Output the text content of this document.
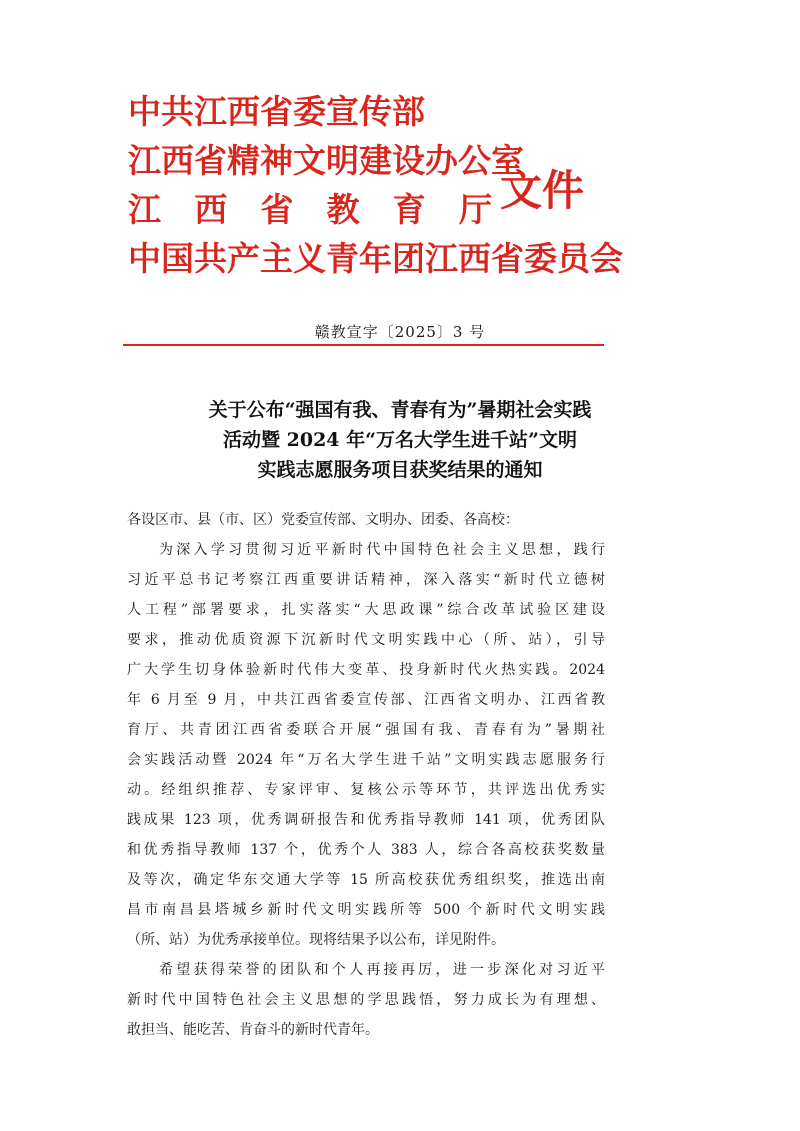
中共江西省委宣传部
江西省精神文明建设办公室
江 西 省 教 育 厅
中国共产主义青年团江西省委员会
文件
赣教宣字〔2025〕3 号
关于公布“强国有我、青春有为”暑期社会实践
活动暨 2024 年“万名大学生进千站”文明
实践志愿服务项目获奖结果的通知
各设区市、县（市、区）党委宣传部、文明办、团委、各高校：
为深入学习贯彻习近平新时代中国特色社会主义思想，践行
习近平总书记考察江西重要讲话精神，深入落实“新时代立德树
人工程”部署要求，扎实落实“大思政课”综合改革试验区建设
要求，推动优质资源下沉新时代文明实践中心（所、站），引导
广大学生切身体验新时代伟大变革、投身新时代火热实践。2024
年 6 月至 9 月，中共江西省委宣传部、江西省文明办、江西省教
育厅、共青团江西省委联合开展“强国有我、青春有为”暑期社
会实践活动暨 2024 年“万名大学生进千站”文明实践志愿服务行
动。经组织推荐、专家评审、复核公示等环节，共评选出优秀实
践成果 123 项，优秀调研报告和优秀指导教师 141 项，优秀团队
和优秀指导教师 137 个，优秀个人 383 人，综合各高校获奖数量
及等次，确定华东交通大学等 15 所高校获优秀组织奖，推选出南
昌市南昌县塔城乡新时代文明实践所等 500 个新时代文明实践
（所、站）为优秀承接单位。现将结果予以公布，详见附件。
希望获得荣誉的团队和个人再接再厉，进一步深化对习近平
新时代中国特色社会主义思想的学思践悟，努力成长为有理想、
敢担当、能吃苦、肯奋斗的新时代青年。
